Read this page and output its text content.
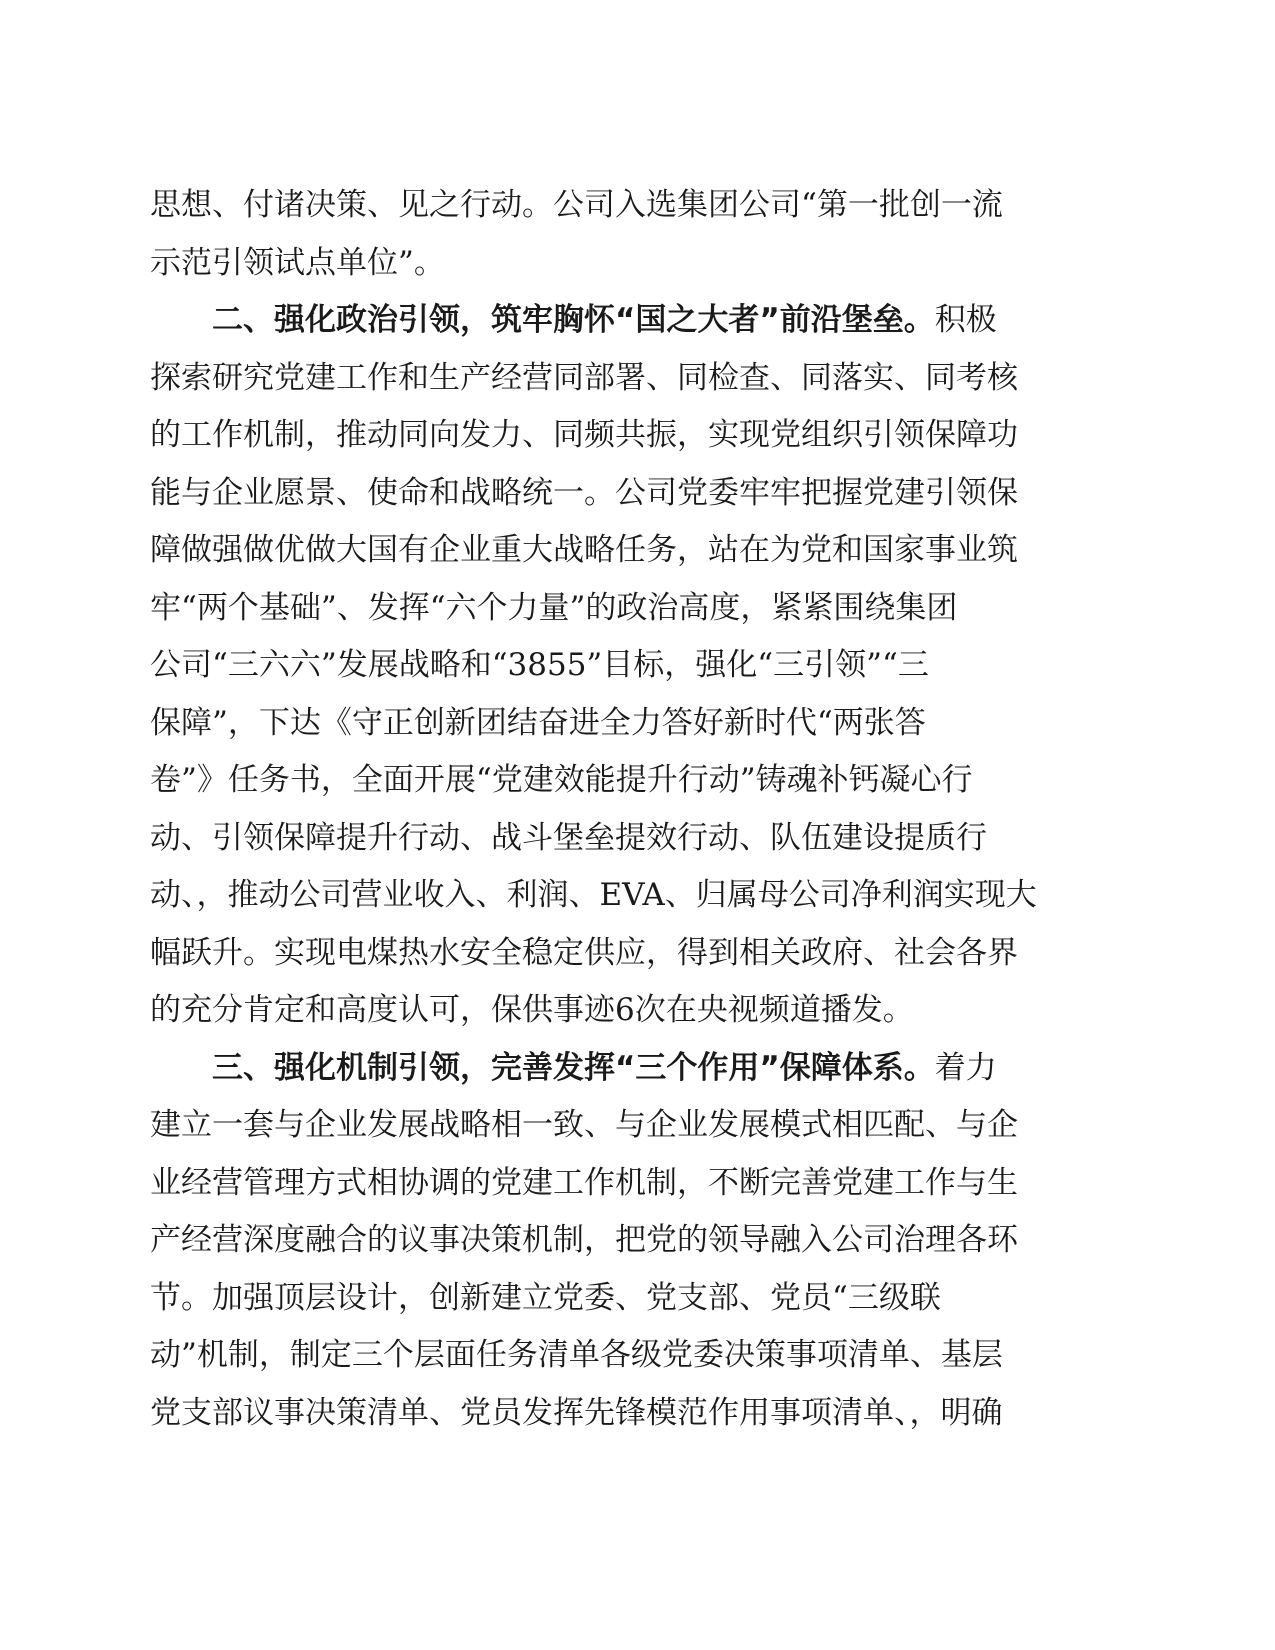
思想、付诸决策、见之行动。公司入选集团公司“第一批创一流
示范引领试点单位”。
二、强化政治引领，筑牢胸怀“国之大者”前沿堡垒。积极
探索研究党建工作和生产经营同部署、同检查、同落实、同考核
的工作机制，推动同向发力、同频共振，实现党组织引领保障功
能与企业愿景、使命和战略统一。公司党委牢牢把握党建引领保
障做强做优做大国有企业重大战略任务，站在为党和国家事业筑
牢“两个基础”、发挥“六个力量”的政治高度，紧紧围绕集团
公司“三六六”发展战略和“3855”目标，强化“三引领”“三
保障”，下达《守正创新团结奋进全力答好新时代“两张答
卷”》任务书，全面开展“党建效能提升行动”铸魂补钙凝心行
动、引领保障提升行动、战斗堡垒提效行动、队伍建设提质行
动、，推动公司营业收入、利润、EVA、归属母公司净利润实现大
幅跃升。实现电煤热水安全稳定供应，得到相关政府、社会各界
的充分肯定和高度认可，保供事迹6次在央视频道播发。
三、强化机制引领，完善发挥“三个作用”保障体系。着力
建立一套与企业发展战略相一致、与企业发展模式相匹配、与企
业经营管理方式相协调的党建工作机制，不断完善党建工作与生
产经营深度融合的议事决策机制，把党的领导融入公司治理各环
节。加强顶层设计，创新建立党委、党支部、党员“三级联
动”机制，制定三个层面任务清单各级党委决策事项清单、基层
党支部议事决策清单、党员发挥先锋模范作用事项清单、，明确
